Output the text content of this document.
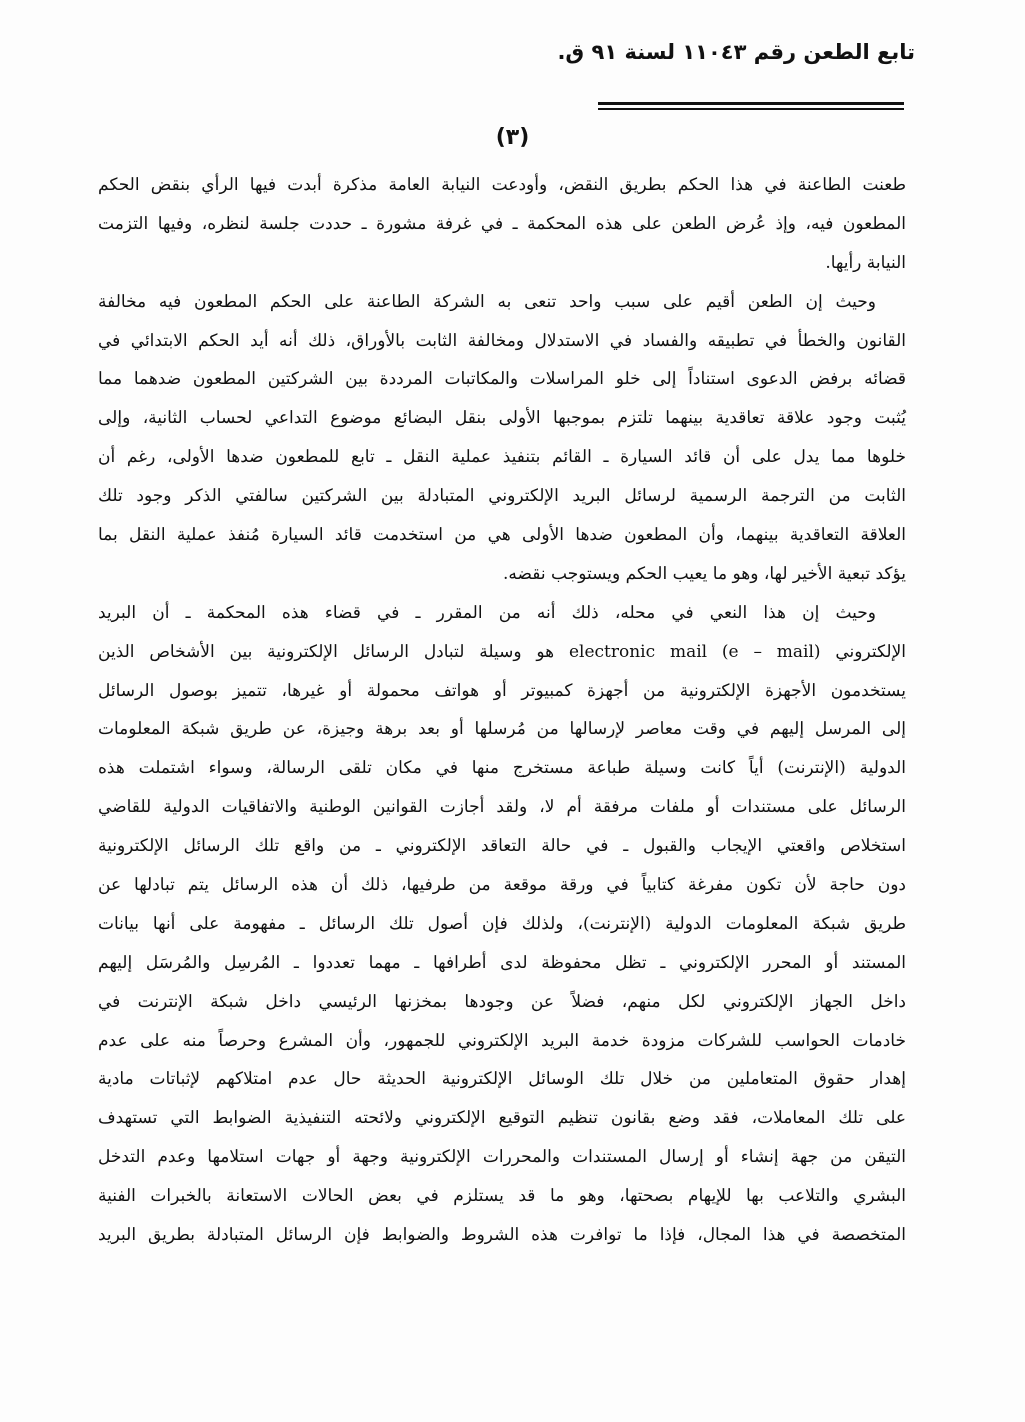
تابع الطعن رقم ١١٠٤٣ لسنة ٩١ ق.
(٣)
طعنت الطاعنة في هذا الحكم بطريق النقض، وأودعت النيابة العامة مذكرة أبدت فيها الرأي بنقض الحكم
المطعون فيه، وإذ عُرض الطعن على هذه المحكمة ـ في غرفة مشورة ـ حددت جلسة لنظره، وفيها التزمت
النيابة رأيها.
وحيث إن الطعن أقيم على سبب واحد تنعى به الشركة الطاعنة على الحكم المطعون فيه مخالفة
القانون والخطأ في تطبيقه والفساد في الاستدلال ومخالفة الثابت بالأوراق، ذلك أنه أيد الحكم الابتدائي في
قضائه برفض الدعوى استناداً إلى خلو المراسلات والمكاتبات المرددة بين الشركتين المطعون ضدهما مما
يُثبت وجود علاقة تعاقدية بينهما تلتزم بموجبها الأولى بنقل البضائع موضوع التداعي لحساب الثانية، وإلى
خلوها مما يدل على أن قائد السيارة ـ القائم بتنفيذ عملية النقل ـ تابع للمطعون ضدها الأولى، رغم أن
الثابت من الترجمة الرسمية لرسائل البريد الإلكتروني المتبادلة بين الشركتين سالفتي الذكر وجود تلك
العلاقة التعاقدية بينهما، وأن المطعون ضدها الأولى هي من استخدمت قائد السيارة مُنفذ عملية النقل بما
يؤكد تبعية الأخير لها، وهو ما يعيب الحكم ويستوجب نقضه.
وحيث إن هذا النعي في محله، ذلك أنه من المقرر ـ في قضاء هذه المحكمة ـ أن البريد
الإلكتروني (electronic mail (e – mail هو وسيلة لتبادل الرسائل الإلكترونية بين الأشخاص الذين
يستخدمون الأجهزة الإلكترونية من أجهزة كمبيوتر أو هواتف محمولة أو غيرها، تتميز بوصول الرسائل
إلى المرسل إليهم في وقت معاصر لإرسالها من مُرسلها أو بعد برهة وجيزة، عن طريق شبكة المعلومات
الدولية (الإنترنت) أياً كانت وسيلة طباعة مستخرج منها في مكان تلقى الرسالة، وسواء اشتملت هذه
الرسائل على مستندات أو ملفات مرفقة أم لا، ولقد أجازت القوانين الوطنية والاتفاقيات الدولية للقاضي
استخلاص واقعتي الإيجاب والقبول ـ في حالة التعاقد الإلكتروني ـ من واقع تلك الرسائل الإلكترونية
دون حاجة لأن تكون مفرغة كتابياً في ورقة موقعة من طرفيها، ذلك أن هذه الرسائل يتم تبادلها عن
طريق شبكة المعلومات الدولية (الإنترنت)، ولذلك فإن أصول تلك الرسائل ـ مفهومة على أنها بيانات
المستند أو المحرر الإلكتروني ـ تظل محفوظة لدى أطرافها ـ مهما تعددوا ـ المُرسِل والمُرسَل إليهم
داخل الجهاز الإلكتروني لكل منهم، فضلاً عن وجودها بمخزنها الرئيسي داخل شبكة الإنترنت في
خادمات الحواسب للشركات مزودة خدمة البريد الإلكتروني للجمهور، وأن المشرع وحرصاً منه على عدم
إهدار حقوق المتعاملين من خلال تلك الوسائل الإلكترونية الحديثة حال عدم امتلاكهم لإثباتات مادية
على تلك المعاملات، فقد وضع بقانون تنظيم التوقيع الإلكتروني ولائحته التنفيذية الضوابط التي تستهدف
التيقن من جهة إنشاء أو إرسال المستندات والمحررات الإلكترونية وجهة أو جهات استلامها وعدم التدخل
البشري والتلاعب بها للإيهام بصحتها، وهو ما قد يستلزم في بعض الحالات الاستعانة بالخبرات الفنية
المتخصصة في هذا المجال، فإذا ما توافرت هذه الشروط والضوابط فإن الرسائل المتبادلة بطريق البريد
